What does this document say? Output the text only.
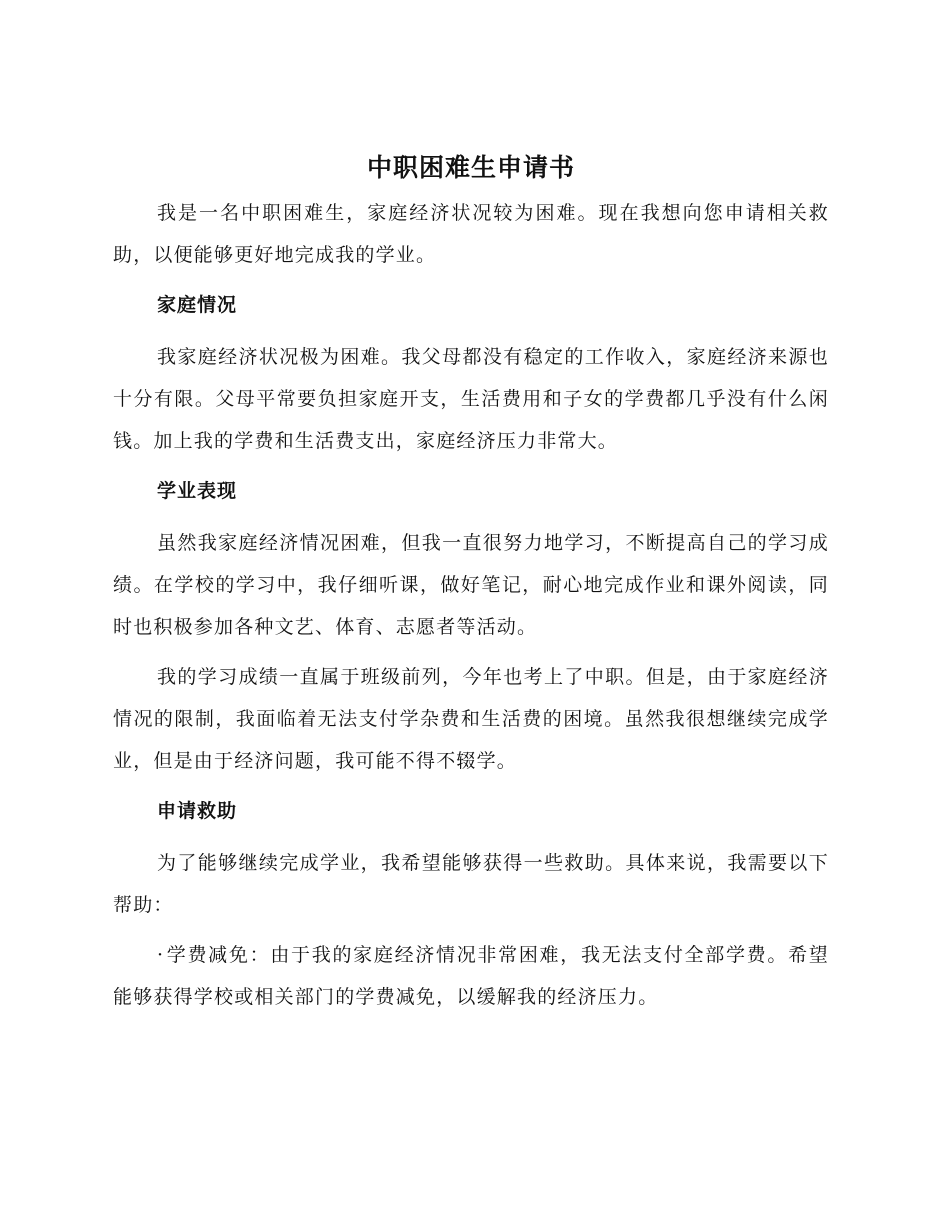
中职困难生申请书

我是一名中职困难生，家庭经济状况较为困难。现在我想向您申请相关救助，以便能够更好地完成我的学业。

家庭情况

我家庭经济状况极为困难。我父母都没有稳定的工作收入，家庭经济来源也十分有限。父母平常要负担家庭开支，生活费用和子女的学费都几乎没有什么闲钱。加上我的学费和生活费支出，家庭经济压力非常大。

学业表现

虽然我家庭经济情况困难，但我一直很努力地学习，不断提高自己的学习成绩。在学校的学习中，我仔细听课，做好笔记，耐心地完成作业和课外阅读，同时也积极参加各种文艺、体育、志愿者等活动。

我的学习成绩一直属于班级前列，今年也考上了中职。但是，由于家庭经济情况的限制，我面临着无法支付学杂费和生活费的困境。虽然我很想继续完成学业，但是由于经济问题，我可能不得不辍学。

申请救助

为了能够继续完成学业，我希望能够获得一些救助。具体来说，我需要以下帮助：

· 学费减免：由于我的家庭经济情况非常困难，我无法支付全部学费。希望能够获得学校或相关部门的学费减免，以缓解我的经济压力。
